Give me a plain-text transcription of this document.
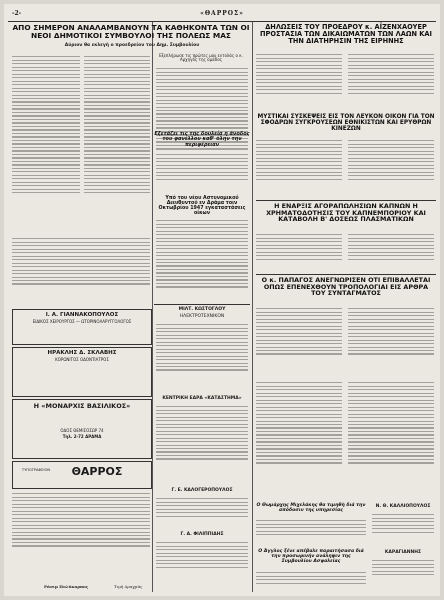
-2-	«ΘΑΡΡΟΣ»
ΑΠΟ ΣΗΜΕΡΟΝ ΑΝΑΛΑΜΒΑΝΟΥΝ ΤΑ ΚΑΘΗΚΟΝΤΑ ΤΩΝ ΟΙ ΝΕΟΙ ΔΗΜΟΤΙΚΟΙ ΣΥΜΒΟΥΛΟΙ ΤΗΣ ΠΟΛΕΩΣ ΜΑΣ
Αύριον θα εκλεγή ο προεδρείον του Δημ. Συμβουλίου
Εξεπλήρωσε τις πρώτες μου εντολάς ο κ. Αρχηγός της ομάδος
Εξετάζει τις της δουλεία η άνοδος του φανέλλου καθ' όλην την περιφέρειαν
Υπό του νέου Αστυνομικού Διευθυντού εν Δράμα τοιν Οκτωβρίου 1947 εγκαταστάσεις οίκων
Ι. Α. ΓΙΑΝΝΑΚΟΠΟΥΛΟΣ
ΕΙΔΙΚΟΣ ΧΕΙΡΟΥΡΓΟΣ — ΩΤΟΡΙΝΟΛΑΡΥΓΓΟΛΟΓΟΣ
ΗΡΑΚΛΗΣ Δ. ΣΚΛΑΒΗΣ
ΚΟΡΩΝΙΤΟΣ ΟΔΟΝΤΙΑΤΡΟΣ
Η «ΜΟΝΑΡΧΙΣ ΒΑΣΙΛΙΚΟΣ»
ΟΔΟΣ ΘΕΜΙΣΟΣΩΡ 74
Τηλ. 2-72 ΔΡΑΜΑ
ΤΥΠΟΓΡΑΦΕΙΟΝ	ΘΑΡΡΟΣ
Ράσιμ Πολύκαρπος	Τιμή Δραχμάς
ΜΙΛΤ. ΚΩΣΤΟΓΛΟΥ
ΗΛΕΚΤΡΟΤΕΧΝΙΚΟΝ
ΚΕΝΤΡΙΚΗ ΕΔΡΑ «ΚΑΤΑΣΤΗΜΑ»
Γ. Ε. ΚΑΛΟΓΕΡΟΠΟΥΛΟΣ
Γ. Α. ΦΙΛΙΠΠΙΔΗΣ
ΔΗΛΩΣΕΙΣ ΤΟΥ ΠΡΟΕΔΡΟΥ κ. ΑΪΖΕΝΧΑΟΥΕΡ ΠΡΟΣΤΑΣΙΑ ΤΩΝ ΔΙΚΑΙΩΜΑΤΩΝ ΤΩΝ ΛΑΩΝ ΚΑΙ ΤΗΝ ΔΙΑΤΗΡΗΣΙΝ ΤΗΣ ΕΙΡΗΝΗΣ
ΜΥΣΤΙΚΑΙ ΣΥΣΚΕΨΕΙΣ ΕΙΣ ΤΟΝ ΛΕΥΚΟΝ ΟΙΚΟΝ ΓΙΑ ΤΟΝ ΣΦΟΔΡΩΝ ΣΥΓΚΡΟΥΣΕΩΝ ΕΘΝΙΚΙΣΤΩΝ ΚΑΙ ΕΡΥΘΡΩΝ ΚΙΝΕΖΩΝ
Η ΕΝΑΡΞΙΣ ΑΓΟΡΑΠΩΛΗΣΙΩΝ ΚΑΠΝΩΝ Η ΧΡΗΜΑΤΟΔΟΤΗΣΙΣ ΤΟΥ ΚΑΠΝΕΜΠΟΡΙΟΥ ΚΑΙ ΚΑΤΑΒΟΛΗ Β' ΔΟΣΕΩΣ ΠΛΑΣΜΑΤΙΚΩΝ
Ο κ. ΠΑΠΑΓΟΣ ΑΝΕΓΝΩΡΙΣΕΝ ΟΤΙ ΕΠΙΒΑΛΛΕΤΑΙ ΟΠΩΣ ΕΠΕΝΕΧΘΟΥΝ ΤΡΟΠΟΛΟΓΙΑΙ ΕΙΣ ΑΡΘΡΑ ΤΟΥ ΣΥΝΤΑΓΜΑΤΟΣ
Ο Θωμάρχης Μιχελάκης θα τιμηθή διά την απόδοσιν της υπηρεσίας
Ο Άγγλος ξένε απέβαλε παραιτήσασα διά την προσωρινήν ανάληψιν της Συμβουλίου Ασφαλείας
Ν. Θ. ΚΑΛΛΙΟΠΟΥΛΟΣ
ΚΑΡΑΓΙΑΝΝΗΣ
